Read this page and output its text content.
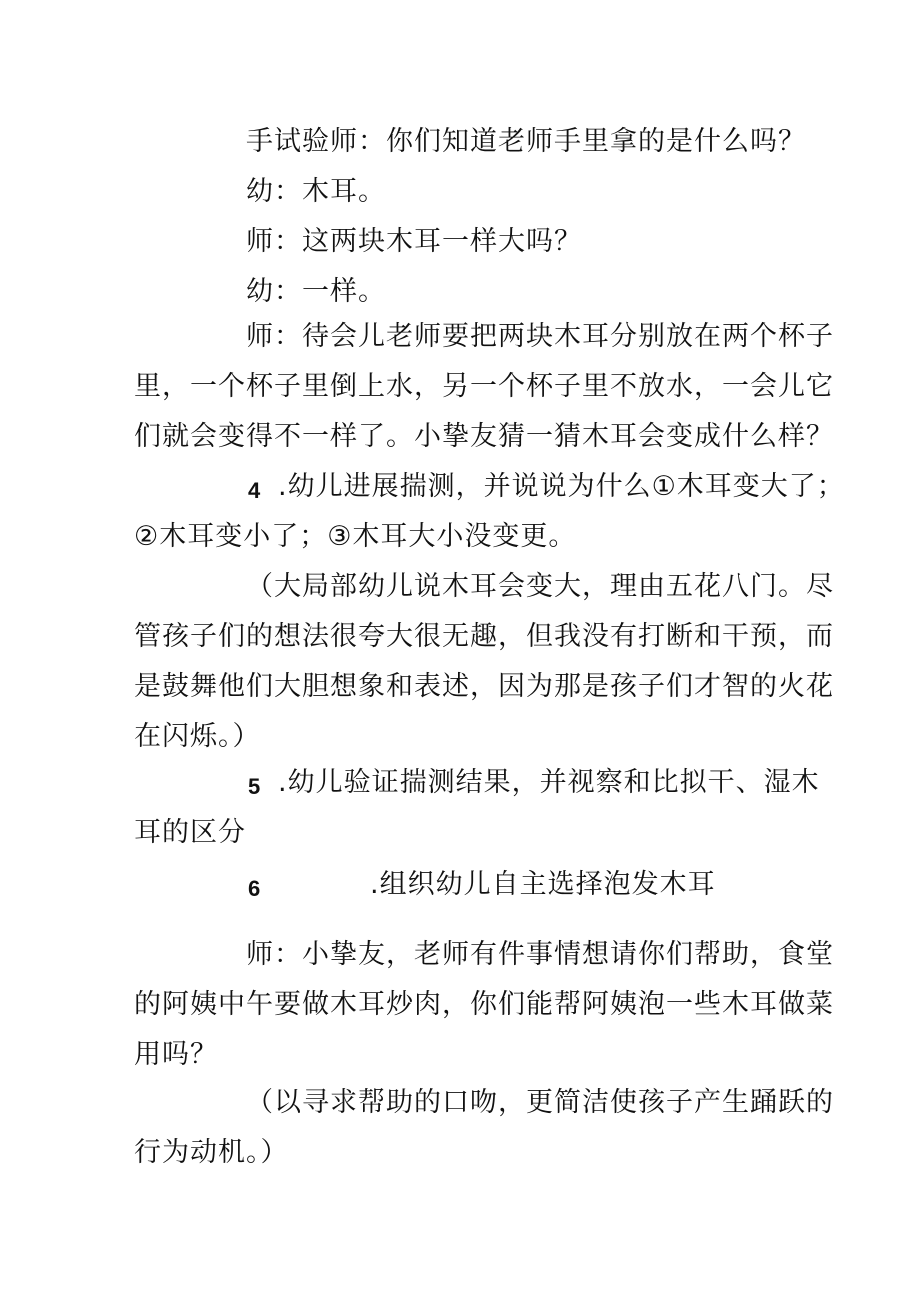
手试验师：你们知道老师手里拿的是什么吗？
幼：木耳。
师：这两块木耳一样大吗？
幼：一样。
师：待会儿老师要把两块木耳分别放在两个杯子
里，一个杯子里倒上水，另一个杯子里不放水，一会儿它
们就会变得不一样了。小挚友猜一猜木耳会变成什么样？
4 .幼儿进展揣测，并说说为什么①木耳变大了；
②木耳变小了；③木耳大小没变更。
（大局部幼儿说木耳会变大，理由五花八门。尽
管孩子们的想法很夸大很无趣，但我没有打断和干预，而
是鼓舞他们大胆想象和表述，因为那是孩子们才智的火花
在闪烁。）
5 .幼儿验证揣测结果，并视察和比拟干、湿木
耳的区分
6	.组织幼儿自主选择泡发木耳
师：小挚友，老师有件事情想请你们帮助，食堂
的阿姨中午要做木耳炒肉，你们能帮阿姨泡一些木耳做菜
用吗？
（以寻求帮助的口吻，更简洁使孩子产生踊跃的
行为动机。）
